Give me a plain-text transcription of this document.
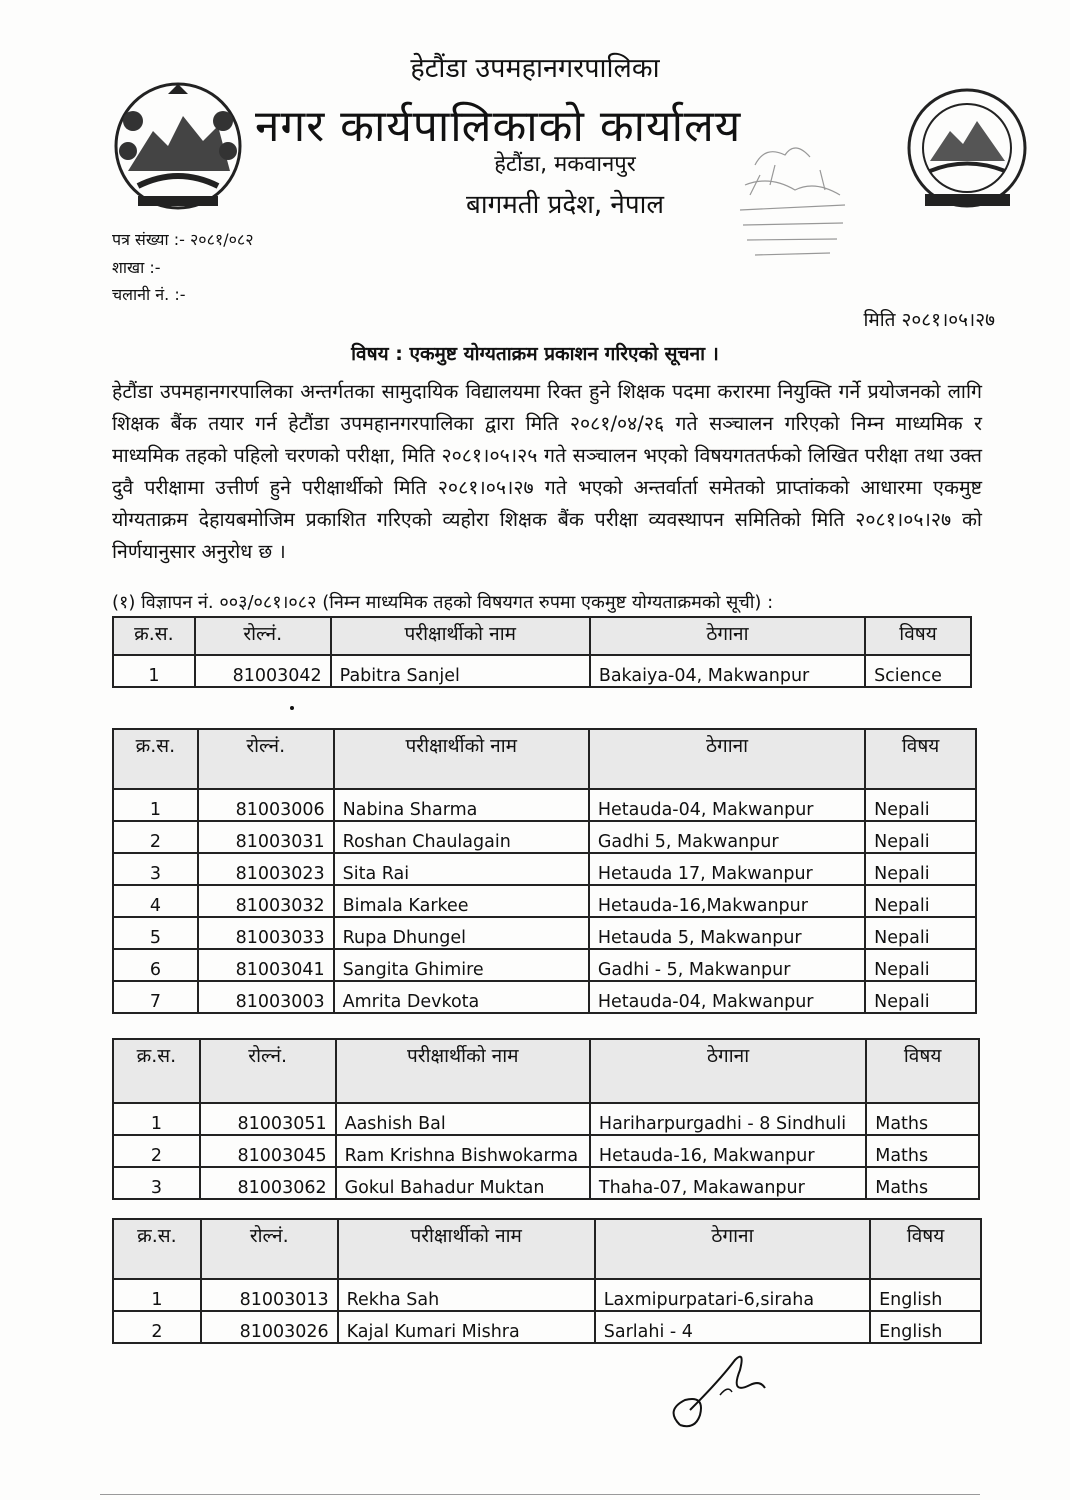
हेटौंडा उपमहानगरपालिका
नगर कार्यपालिकाको कार्यालय
हेटौंडा, मकवानपुर
बागमती प्रदेश, नेपाल
पत्र संख्या :- २०८१/०८२
शाखा :-
चलानी नं. :-
मिति २०८१।०५।२७
विषय : एकमुष्ट योग्यताक्रम प्रकाशन गरिएको सूचना ।
हेटौंडा उपमहानगरपालिका अन्तर्गतका सामुदायिक विद्यालयमा रिक्त हुने शिक्षक पदमा करारमा नियुक्ति गर्ने प्रयोजनको लागि शिक्षक बैंक तयार गर्न हेटौंडा उपमहानगरपालिका द्वारा मिति २०८१/०४/२६ गते सञ्चालन गरिएको निम्न माध्यमिक र माध्यमिक तहको पहिलो चरणको परीक्षा, मिति २०८१।०५।२५ गते सञ्चालन भएको विषयगततर्फको लिखित परीक्षा तथा उक्त दुवै परीक्षामा उत्तीर्ण हुने परीक्षार्थीको मिति २०८१।०५।२७ गते भएको अन्तर्वार्ता समेतको प्राप्तांकको आधारमा एकमुष्ट योग्यताक्रम देहायबमोजिम प्रकाशित गरिएको व्यहोरा शिक्षक बैंक परीक्षा व्यवस्थापन समितिको मिति २०८१।०५।२७ को निर्णयानुसार अनुरोध छ ।
(१) विज्ञापन नं. ००३/०८१।०८२ (निम्न माध्यमिक तहको विषयगत रुपमा एकमुष्ट योग्यताक्रमको सूची) :
क्र.स.	रोल्नं.	परीक्षार्थीको नाम	ठेगाना	विषय
1	81003042	Pabitra Sanjel	Bakaiya-04, Makwanpur	Science
क्र.स.	रोल्नं.	परीक्षार्थीको नाम	ठेगाना	विषय
1	81003006	Nabina Sharma	Hetauda-04, Makwanpur	Nepali
2	81003031	Roshan Chaulagain	Gadhi 5, Makwanpur	Nepali
3	81003023	Sita Rai	Hetauda 17, Makwanpur	Nepali
4	81003032	Bimala Karkee	Hetauda-16,Makwanpur	Nepali
5	81003033	Rupa Dhungel	Hetauda 5, Makwanpur	Nepali
6	81003041	Sangita Ghimire	Gadhi - 5, Makwanpur	Nepali
7	81003003	Amrita Devkota	Hetauda-04, Makwanpur	Nepali
क्र.स.	रोल्नं.	परीक्षार्थीको नाम	ठेगाना	विषय
1	81003051	Aashish Bal	Hariharpurgadhi - 8 Sindhuli	Maths
2	81003045	Ram Krishna Bishwokarma	Hetauda-16, Makwanpur	Maths
3	81003062	Gokul Bahadur Muktan	Thaha-07, Makawanpur	Maths
क्र.स.	रोल्नं.	परीक्षार्थीको नाम	ठेगाना	विषय
1	81003013	Rekha Sah	Laxmipurpatari-6,siraha	English
2	81003026	Kajal Kumari Mishra	Sarlahi - 4	English
